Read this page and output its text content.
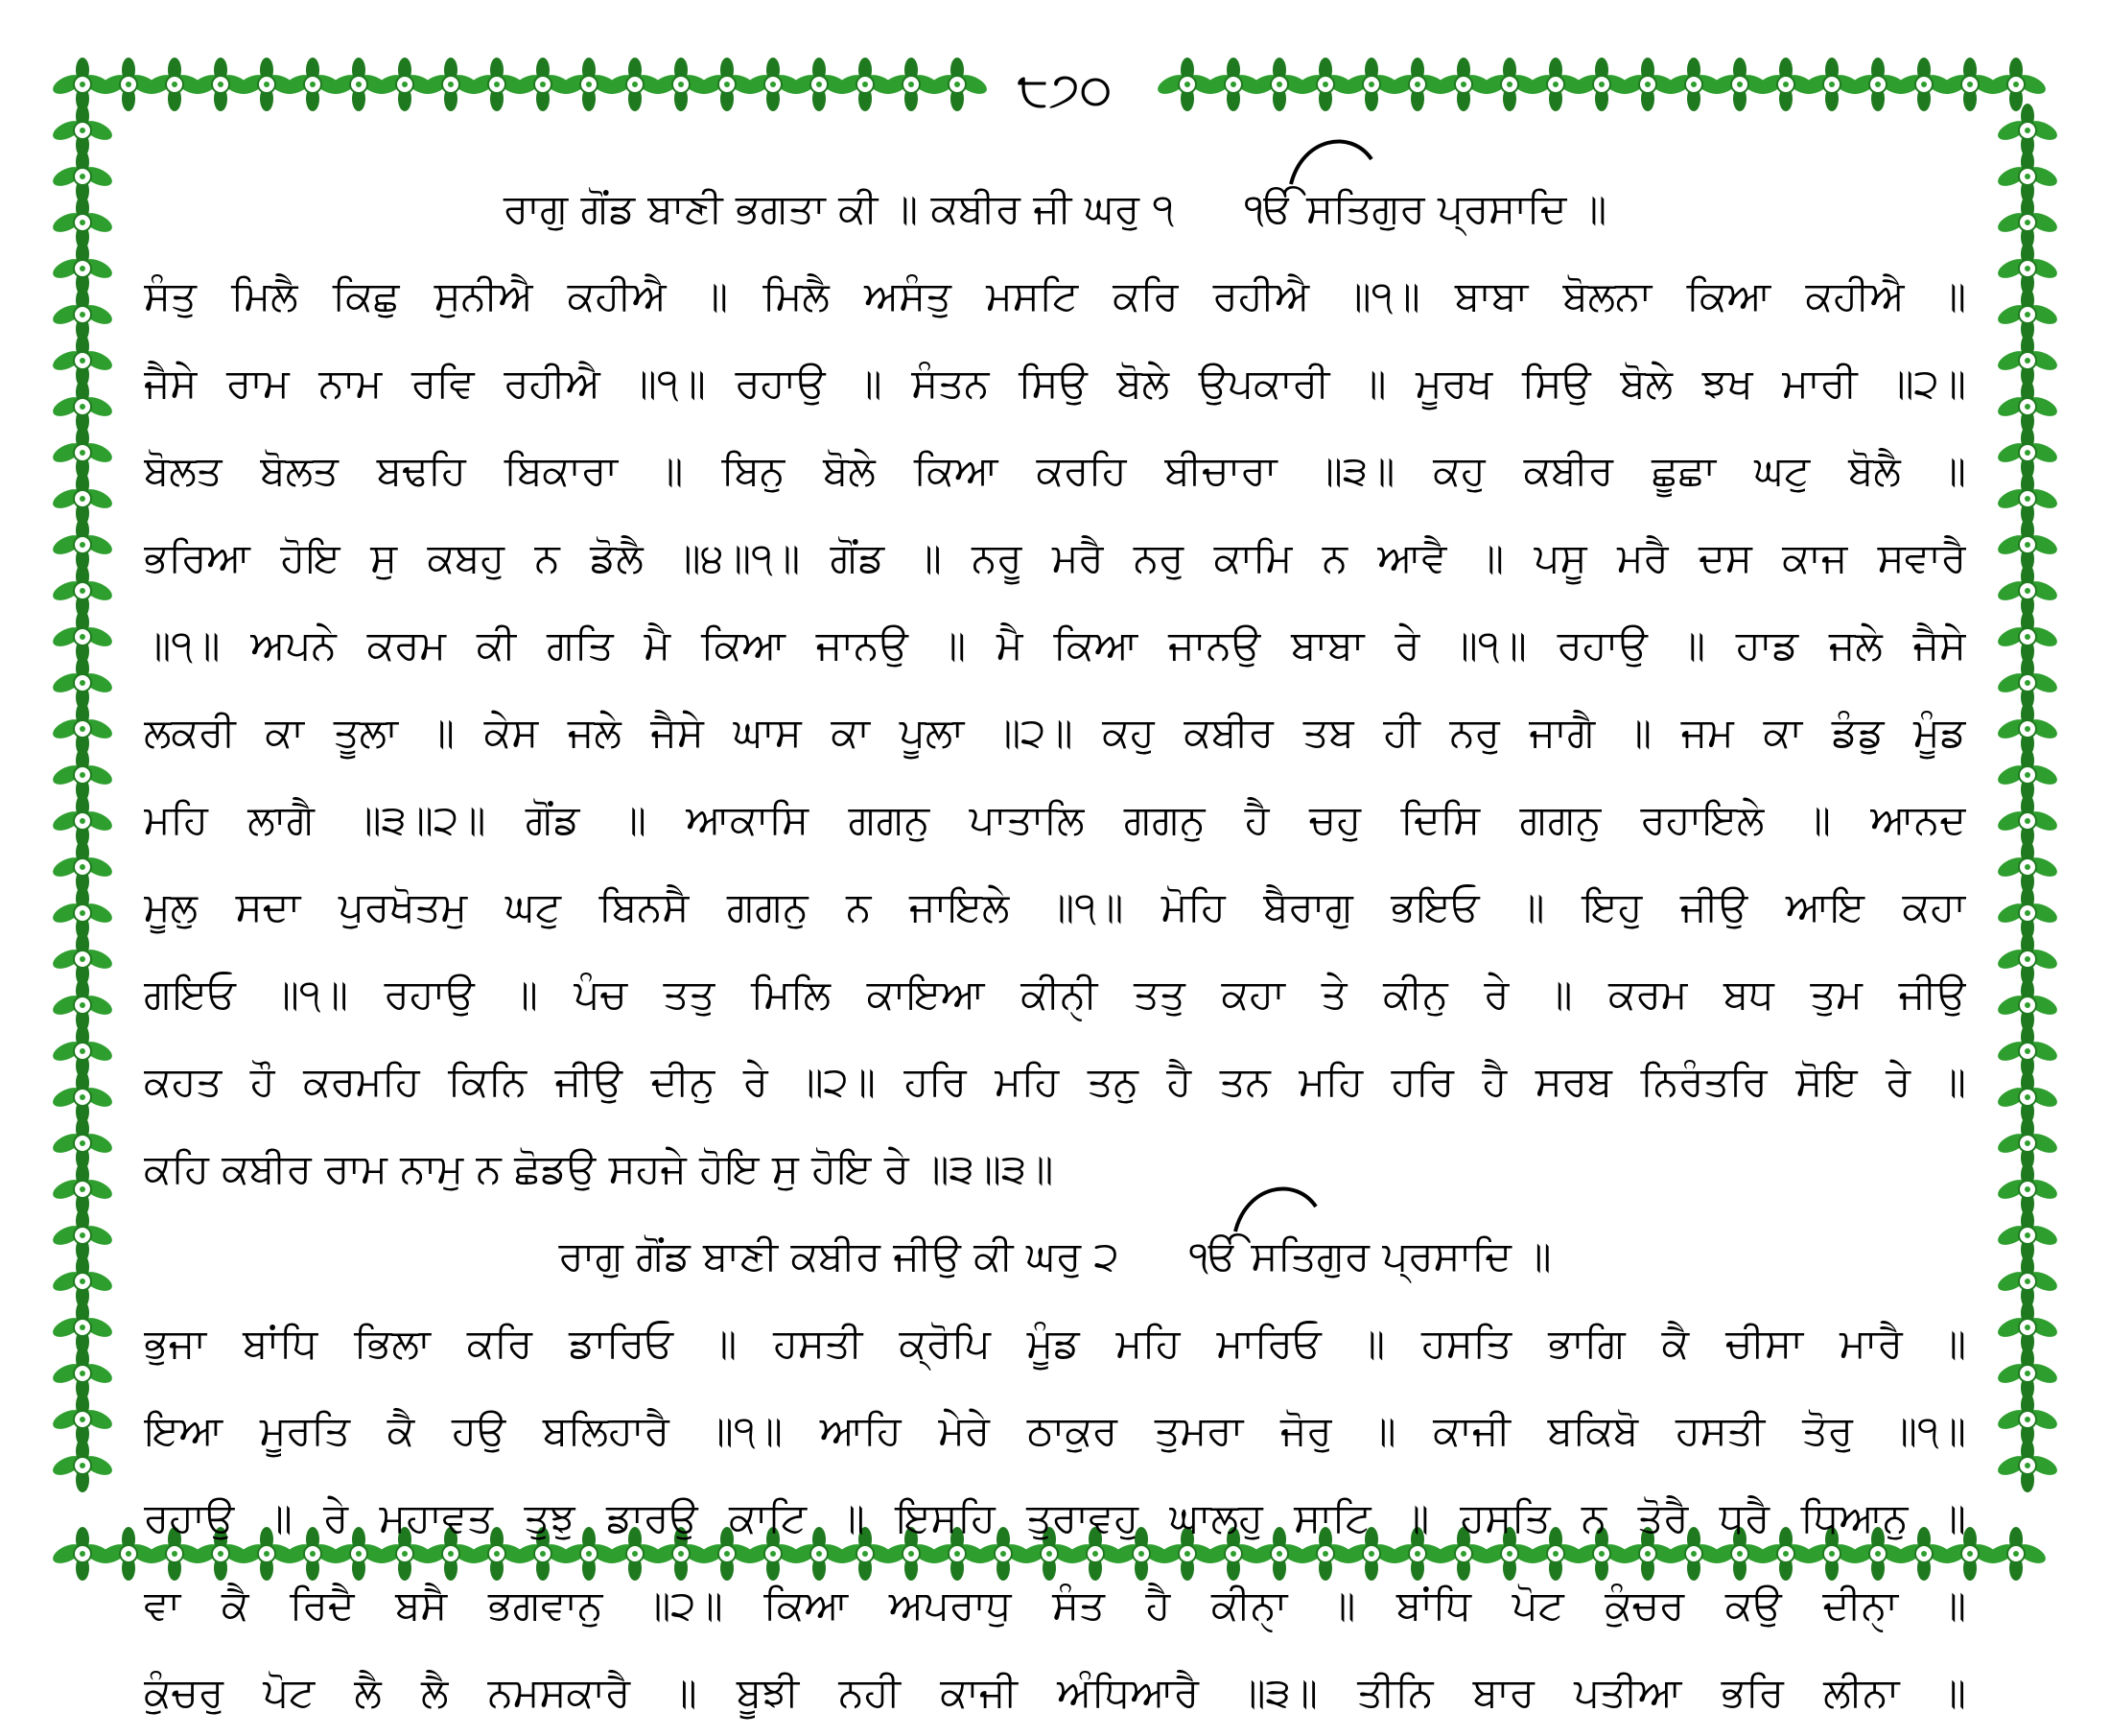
੮੭੦
ਰਾਗੁ ਗੋਂਡ ਬਾਣੀ ਭਗਤਾ ਕੀ ॥ ਕਬੀਰ ਜੀ ਘਰੁ ੧ ੴ ਸਤਿਗੁਰ ਪ੍ਰਸਾਦਿ ॥
ਸੰਤੁ ਮਿਲੈ ਕਿਛੁ ਸੁਨੀਐ ਕਹੀਐ ॥ ਮਿਲੈ ਅਸੰਤੁ ਮਸਟਿ ਕਰਿ ਰਹੀਐ ॥੧॥ ਬਾਬਾ ਬੋਲਨਾ ਕਿਆ ਕਹੀਐ ॥
ਜੈਸੇ ਰਾਮ ਨਾਮ ਰਵਿ ਰਹੀਐ ॥੧॥ ਰਹਾਉ ॥ ਸੰਤਨ ਸਿਉ ਬੋਲੇ ਉਪਕਾਰੀ ॥ ਮੂਰਖ ਸਿਉ ਬੋਲੇ ਝਖ ਮਾਰੀ ॥੨॥
ਬੋਲਤ ਬੋਲਤ ਬਢਹਿ ਬਿਕਾਰਾ ॥ ਬਿਨੁ ਬੋਲੇ ਕਿਆ ਕਰਹਿ ਬੀਚਾਰਾ ॥੩॥ ਕਹੁ ਕਬੀਰ ਛੂਛਾ ਘਟੁ ਬੋਲੈ ॥
ਭਰਿਆ ਹੋਇ ਸੁ ਕਬਹੁ ਨ ਡੋਲੈ ॥੪॥੧॥ ਗੋਂਡ ॥ ਨਰੂ ਮਰੈ ਨਰੁ ਕਾਮਿ ਨ ਆਵੈ ॥ ਪਸੂ ਮਰੈ ਦਸ ਕਾਜ ਸਵਾਰੈ
॥੧॥ ਅਪਨੇ ਕਰਮ ਕੀ ਗਤਿ ਮੈ ਕਿਆ ਜਾਨਉ ॥ ਮੈ ਕਿਆ ਜਾਨਉ ਬਾਬਾ ਰੇ ॥੧॥ ਰਹਾਉ ॥ ਹਾਡ ਜਲੇ ਜੈਸੇ
ਲਕਰੀ ਕਾ ਤੂਲਾ ॥ ਕੇਸ ਜਲੇ ਜੈਸੇ ਘਾਸ ਕਾ ਪੂਲਾ ॥੨॥ ਕਹੁ ਕਬੀਰ ਤਬ ਹੀ ਨਰੁ ਜਾਗੈ ॥ ਜਮ ਕਾ ਡੰਡੁ ਮੂੰਡ
ਮਹਿ ਲਾਗੈ ॥੩॥੨॥ ਗੋਂਡ ॥ ਆਕਾਸਿ ਗਗਨੁ ਪਾਤਾਲਿ ਗਗਨੁ ਹੈ ਚਹੁ ਦਿਸਿ ਗਗਨੁ ਰਹਾਇਲੇ ॥ ਆਨਦ
ਮੂਲੁ ਸਦਾ ਪੁਰਖੋਤਮੁ ਘਟੁ ਬਿਨਸੈ ਗਗਨੁ ਨ ਜਾਇਲੇ ॥੧॥ ਮੋਹਿ ਬੈਰਾਗੁ ਭਇਓ ॥ ਇਹੁ ਜੀਉ ਆਇ ਕਹਾ
ਗਇਓ ॥੧॥ ਰਹਾਉ ॥ ਪੰਚ ਤਤੁ ਮਿਲਿ ਕਾਇਆ ਕੀਨੑੀ ਤਤੁ ਕਹਾ ਤੇ ਕੀਨੁ ਰੇ ॥ ਕਰਮ ਬਧ ਤੁਮ ਜੀਉ
ਕਹਤ ਹੌ ਕਰਮਹਿ ਕਿਨਿ ਜੀਉ ਦੀਨੁ ਰੇ ॥੨॥ ਹਰਿ ਮਹਿ ਤਨੁ ਹੈ ਤਨ ਮਹਿ ਹਰਿ ਹੈ ਸਰਬ ਨਿਰੰਤਰਿ ਸੋਇ ਰੇ ॥
ਕਹਿ ਕਬੀਰ ਰਾਮ ਨਾਮੁ ਨ ਛੋਡਉ ਸਹਜੇ ਹੋਇ ਸੁ ਹੋਇ ਰੇ ॥੩॥੩॥
ਰਾਗੁ ਗੋਂਡ ਬਾਣੀ ਕਬੀਰ ਜੀਉ ਕੀ ਘਰੁ ੨ ੴ ਸਤਿਗੁਰ ਪ੍ਰਸਾਦਿ ॥
ਭੁਜਾ ਬਾਂਧਿ ਭਿਲਾ ਕਰਿ ਡਾਰਿਓ ॥ ਹਸਤੀ ਕ੍ਰੋਪਿ ਮੂੰਡ ਮਹਿ ਮਾਰਿਓ ॥ ਹਸਤਿ ਭਾਗਿ ਕੈ ਚੀਸਾ ਮਾਰੈ ॥
ਇਆ ਮੂਰਤਿ ਕੈ ਹਉ ਬਲਿਹਾਰੈ ॥੧॥ ਆਹਿ ਮੇਰੇ ਠਾਕੁਰ ਤੁਮਰਾ ਜੋਰੁ ॥ ਕਾਜੀ ਬਕਿਬੋ ਹਸਤੀ ਤੋਰੁ ॥੧॥
ਰਹਾਉ ॥ ਰੇ ਮਹਾਵਤ ਤੁਝੁ ਡਾਰਉ ਕਾਟਿ ॥ ਇਸਹਿ ਤੁਰਾਵਹੁ ਘਾਲਹੁ ਸਾਟਿ ॥ ਹਸਤਿ ਨ ਤੋਰੈ ਧਰੈ ਧਿਆਨੁ ॥
ਵਾ ਕੈ ਰਿਦੈ ਬਸੈ ਭਗਵਾਨੁ ॥੨॥ ਕਿਆ ਅਪਰਾਧੁ ਸੰਤ ਹੈ ਕੀਨੑਾ ॥ ਬਾਂਧਿ ਪੋਟ ਕੁੰਚਰ ਕਉ ਦੀਨੑਾ ॥
ਕੁੰਚਰੁ ਪੋਟ ਲੈ ਲੈ ਨਮਸਕਾਰੈ ॥ ਬੂਝੀ ਨਹੀ ਕਾਜੀ ਅੰਧਿਆਰੈ ॥੩॥ ਤੀਨਿ ਬਾਰ ਪਤੀਆ ਭਰਿ ਲੀਨਾ ॥
